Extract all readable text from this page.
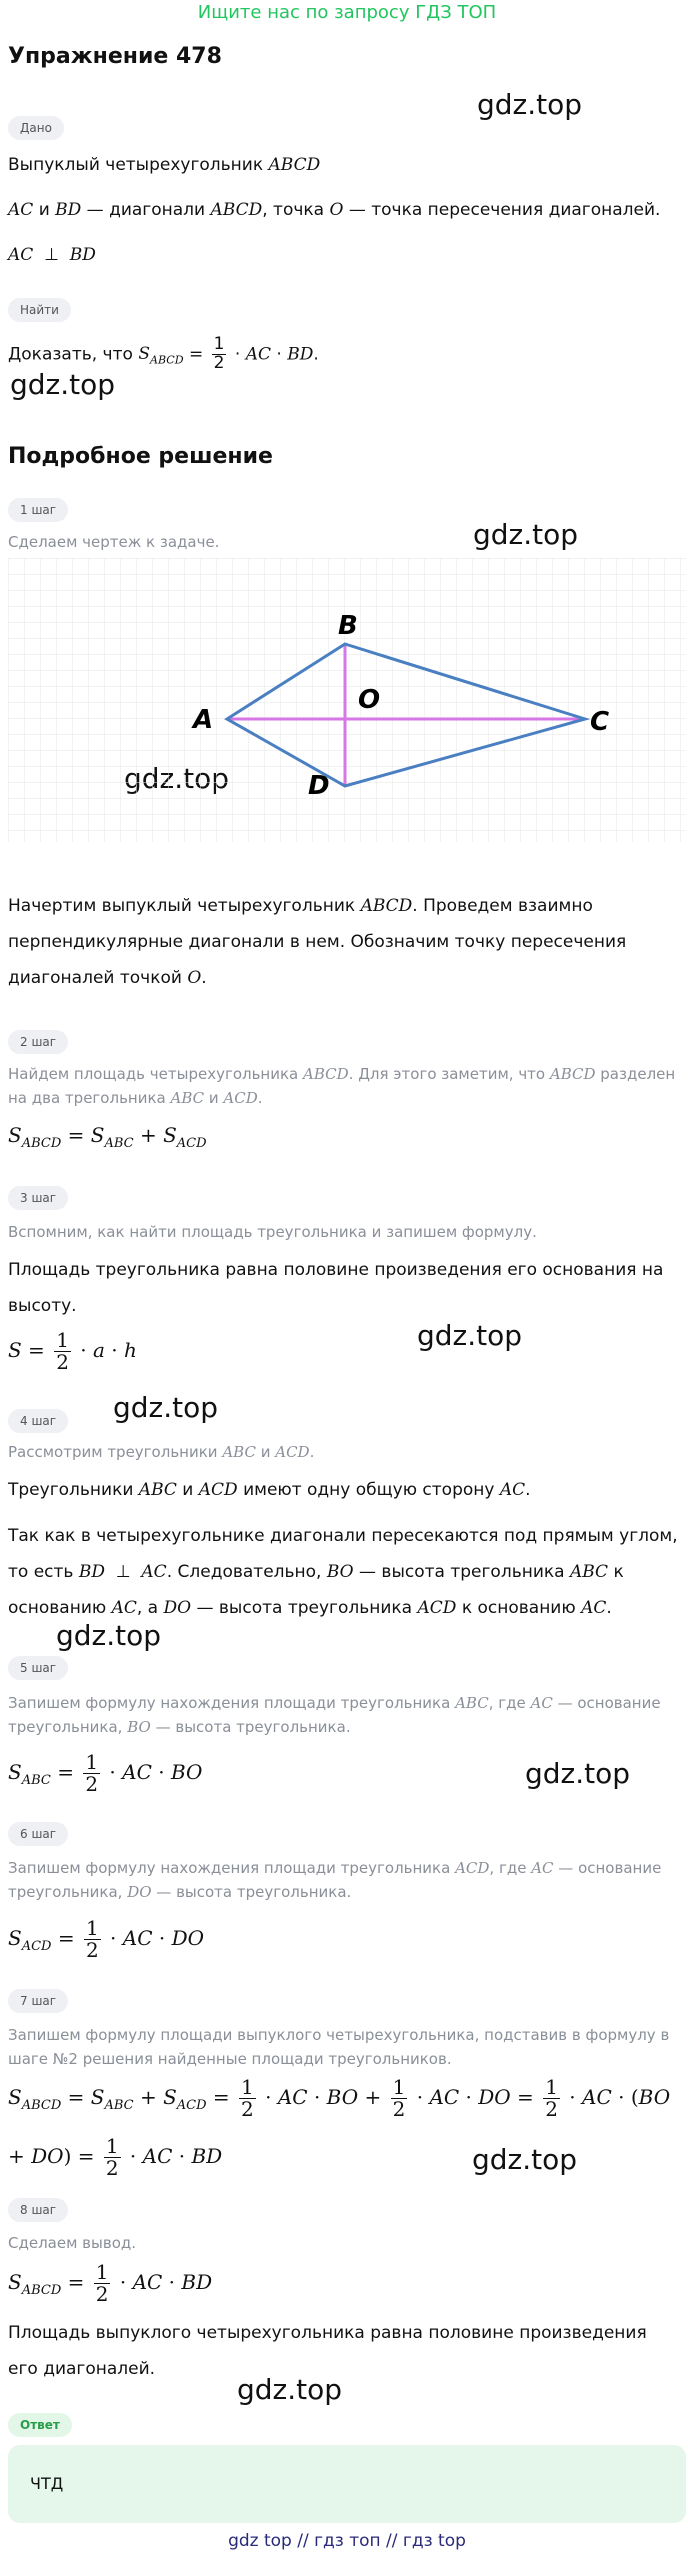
Ищите нас по запросу ГДЗ ТОП
Упражнение 478
gdz.top
gdz.top
gdz.top
gdz.top
gdz.top
gdz.top
gdz.top
gdz.top
gdz.top
Дано
Выпуклый четырехугольник ABCD
AC и BD — диагонали ABCD, точка O — точка пересечения диагоналей.
AC  ⊥  BD
Найти
Доказать, что $S_{ABCD} = \frac{1}{2}$ · AC · BD.
Подробное решение
1 шаг
Сделаем чертеж к задаче.
A
B
C
D
O
Начертим выпуклый четырехугольник ABCD. Проведем взаимно перпендикулярные диагонали в нем. Обозначим точку пересечения диагоналей точкой O.
2 шаг
Найдем площадь четырехугольника ABCD. Для этого заметим, что ABCD разделен на два трегольника ABC и ACD.
$S_{ABCD} = S_{ABC} + S_{ACD}$
3 шаг
Вспомним, как найти площадь треугольника и запишем формулу.
Площадь треугольника равна половине произведения его основания на высоту.
$S = \frac{1}{2} \cdot a \cdot h$
4 шаг
Рассмотрим треугольники ABC и ACD.
Треугольники ABC и ACD имеют одну общую сторону AC.
Так как в четырехугольнике диагонали пересекаются под прямым углом, то есть BD  ⊥  AC. Следовательно, BO — высота трегольника ABC к основанию AC, а DO — высота треугольника ACD к основанию AC.
5 шаг
Запишем формулу нахождения площади треугольника ABC, где AC — основание треугольника, BO — высота треугольника.
$S_{ABC} = \frac{1}{2}$ · AC · BO
6 шаг
Запишем формулу нахождения площади треугольника ACD, где AC — основание треугольника, DO — высота треугольника.
$S_{ACD} = \frac{1}{2}$ · AC · DO
7 шаг
Запишем формулу площади выпуклого четырехугольника, подставив в формулу в шаге №2 решения найденные площади треугольников.
$S_{ABCD} = S_{ABC} + S_{ACD} = \frac{1}{2}$ · AC · BO + $\frac{1}{2}$ · AC · DO = $\frac{1}{2}$ · AC · $(BO + DO) = \frac{1}{2}$ · AC · BD
8 шаг
Сделаем вывод.
$S_{ABCD} = \frac{1}{2}$ · AC · BD
Площадь выпуклого четырехугольника равна половине произведения его диагоналей.
Ответ
ЧТД
gdz top // гдз топ // гдз top
